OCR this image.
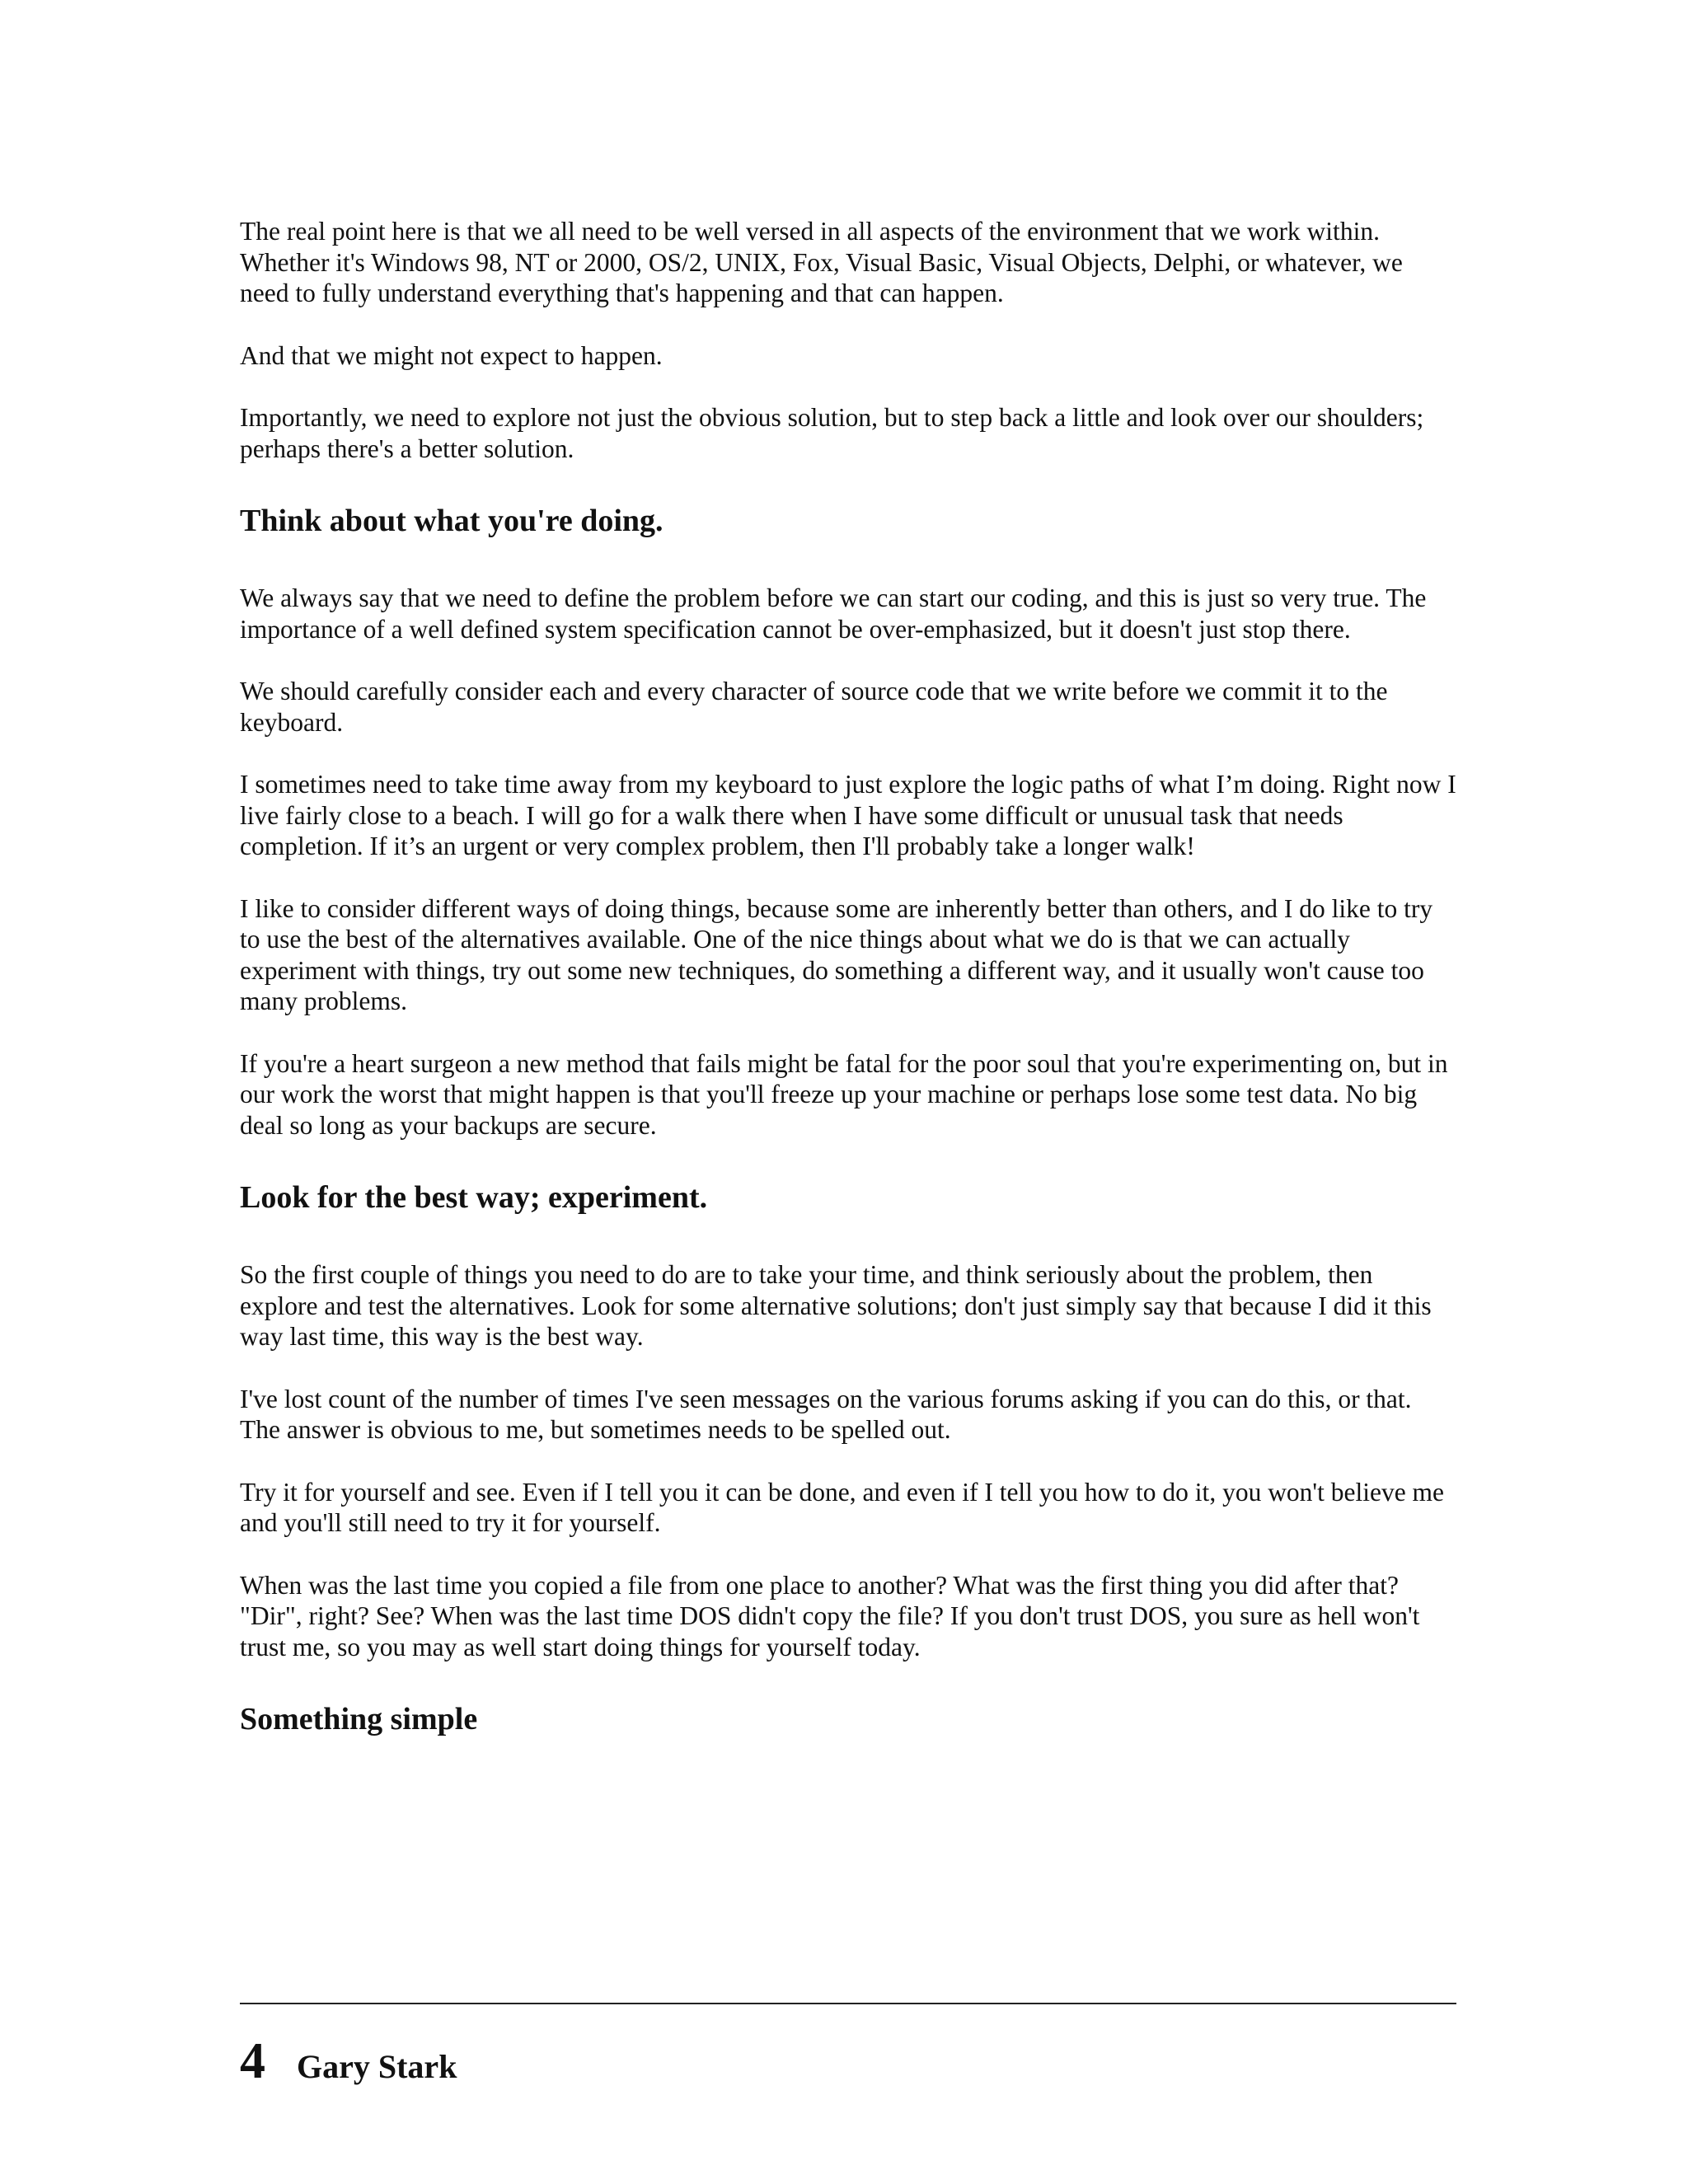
The real point here is that we all need to be well versed in all aspects of the environment that we work within. Whether it's Windows 98, NT or 2000, OS/2, UNIX, Fox, Visual Basic, Visual Objects, Delphi, or whatever, we need to fully understand everything that's happening and that can happen.

And that we might not expect to happen.

Importantly, we need to explore not just the obvious solution, but to step back a little and look over our shoulders; perhaps there's a better solution.

Think about what you're doing.

We always say that we need to define the problem before we can start our coding, and this is just so very true. The importance of a well defined system specification cannot be over-emphasized, but it doesn't just stop there.

We should carefully consider each and every character of source code that we write before we commit it to the keyboard.

I sometimes need to take time away from my keyboard to just explore the logic paths of what I’m doing. Right now I live fairly close to a beach. I will go for a walk there when I have some difficult or unusual task that needs completion. If it’s an urgent or very complex problem, then I'll probably take a longer walk!

I like to consider different ways of doing things, because some are inherently better than others, and I do like to try to use the best of the alternatives available. One of the nice things about what we do is that we can actually experiment with things, try out some new techniques, do something a different way, and it usually won't cause too many problems.

If you're a heart surgeon a new method that fails might be fatal for the poor soul that you're experimenting on, but in our work the worst that might happen is that you'll freeze up your machine or perhaps lose some test data. No big deal so long as your backups are secure.

Look for the best way; experiment.

So the first couple of things you need to do are to take your time, and think seriously about the problem, then explore and test the alternatives. Look for some alternative solutions; don't just simply say that because I did it this way last time, this way is the best way.

I've lost count of the number of times I've seen messages on the various forums asking if you can do this, or that. The answer is obvious to me, but sometimes needs to be spelled out.

Try it for yourself and see. Even if I tell you it can be done, and even if I tell you how to do it, you won't believe me and you'll still need to try it for yourself.

When was the last time you copied a file from one place to another? What was the first thing you did after that? "Dir", right? See? When was the last time DOS didn't copy the file? If you don't trust DOS, you sure as hell won't trust me, so you may as well start doing things for yourself today.

Something simple
4 Gary Stark
